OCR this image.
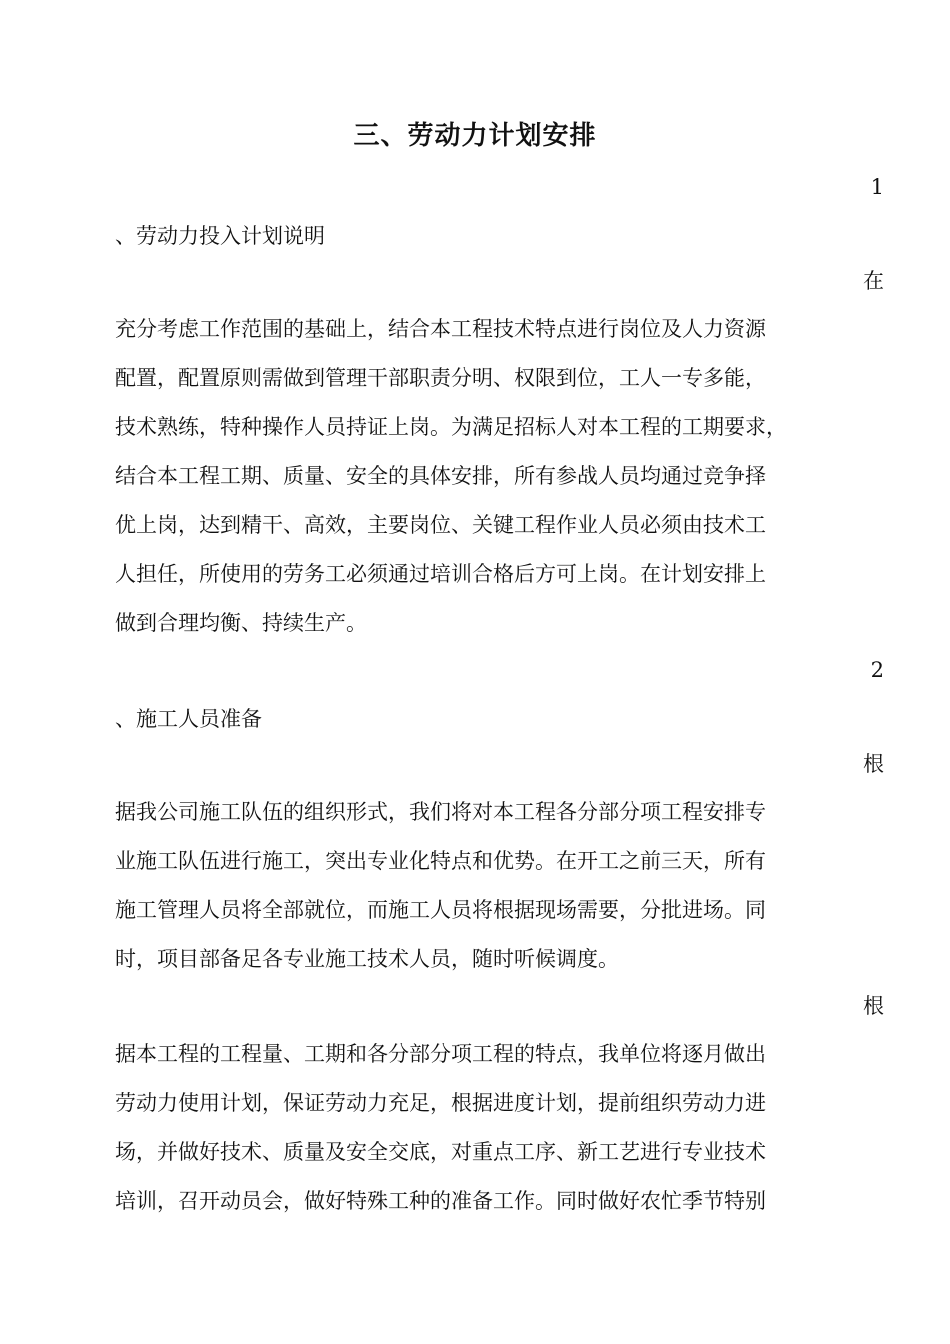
三、劳动力计划安排
1
、劳动力投入计划说明
在
充分考虑工作范围的基础上，结合本工程技术特点进行岗位及人力资源
配置，配置原则需做到管理干部职责分明、权限到位，工人一专多能，
技术熟练，特种操作人员持证上岗。为满足招标人对本工程的工期要求，
结合本工程工期、质量、安全的具体安排，所有参战人员均通过竞争择
优上岗，达到精干、高效，主要岗位、关键工程作业人员必须由技术工
人担任，所使用的劳务工必须通过培训合格后方可上岗。在计划安排上
做到合理均衡、持续生产。
2
、施工人员准备
根
据我公司施工队伍的组织形式，我们将对本工程各分部分项工程安排专
业施工队伍进行施工，突出专业化特点和优势。在开工之前三天，所有
施工管理人员将全部就位，而施工人员将根据现场需要，分批进场。同
时，项目部备足各专业施工技术人员，随时听候调度。
根
据本工程的工程量、工期和各分部分项工程的特点，我单位将逐月做出
劳动力使用计划，保证劳动力充足，根据进度计划，提前组织劳动力进
场，并做好技术、质量及安全交底，对重点工序、新工艺进行专业技术
培训，召开动员会，做好特殊工种的准备工作。同时做好农忙季节特别
